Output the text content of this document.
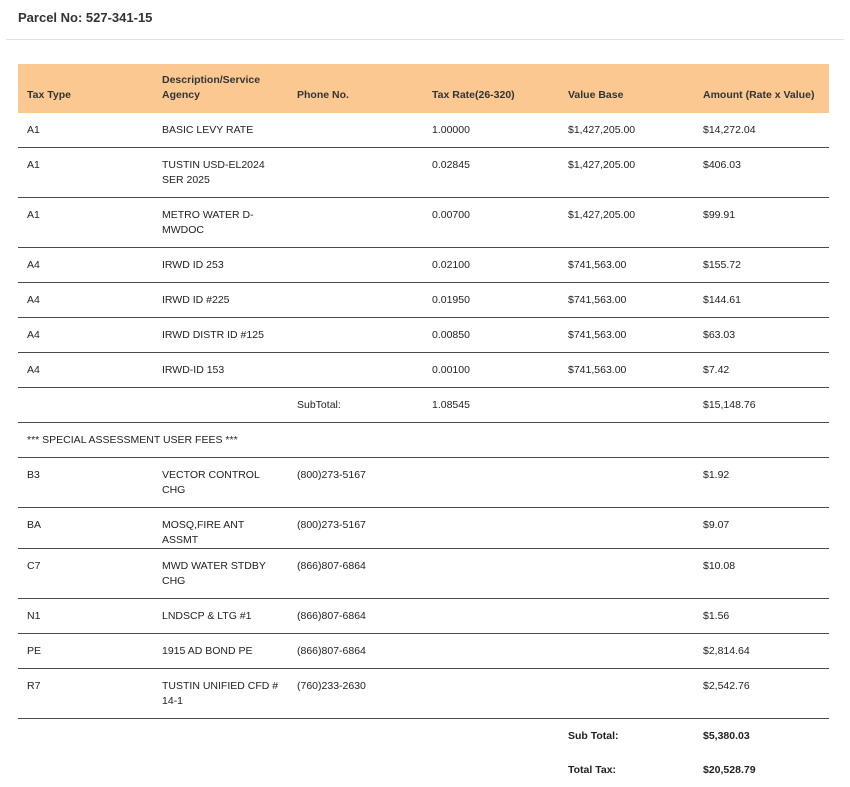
Parcel No: 527-341-15
Tax Type	Description/Service Agency	Phone No.	Tax Rate(26-320)	Value Base	Amount (Rate x Value)
A1	BASIC LEVY RATE		1.00000	$1,427,205.00	$14,272.04
A1	TUSTIN USD-EL2024 SER 2025		0.02845	$1,427,205.00	$406.03
A1	METRO WATER D-MWDOC		0.00700	$1,427,205.00	$99.91
A4	IRWD ID 253		0.02100	$741,563.00	$155.72
A4	IRWD ID #225		0.01950	$741,563.00	$144.61
A4	IRWD DISTR ID #125		0.00850	$741,563.00	$63.03
A4	IRWD-ID 153		0.00100	$741,563.00	$7.42
		SubTotal:	1.08545		$15,148.76
*** SPECIAL ASSESSMENT USER FEES ***					
B3	VECTOR CONTROL CHG	(800)273-5167			$1.92
BA	MOSQ,FIRE ANT ASSMT	(800)273-5167			$9.07
C7	MWD WATER STDBY CHG	(866)807-6864			$10.08
N1	LNDSCP & LTG #1	(866)807-6864			$1.56
PE	1915 AD BOND PE	(866)807-6864			$2,814.64
R7	TUSTIN UNIFIED CFD # 14-1	(760)233-2630			$2,542.76
				Sub Total:	$5,380.03
				Total Tax:	$20,528.79
